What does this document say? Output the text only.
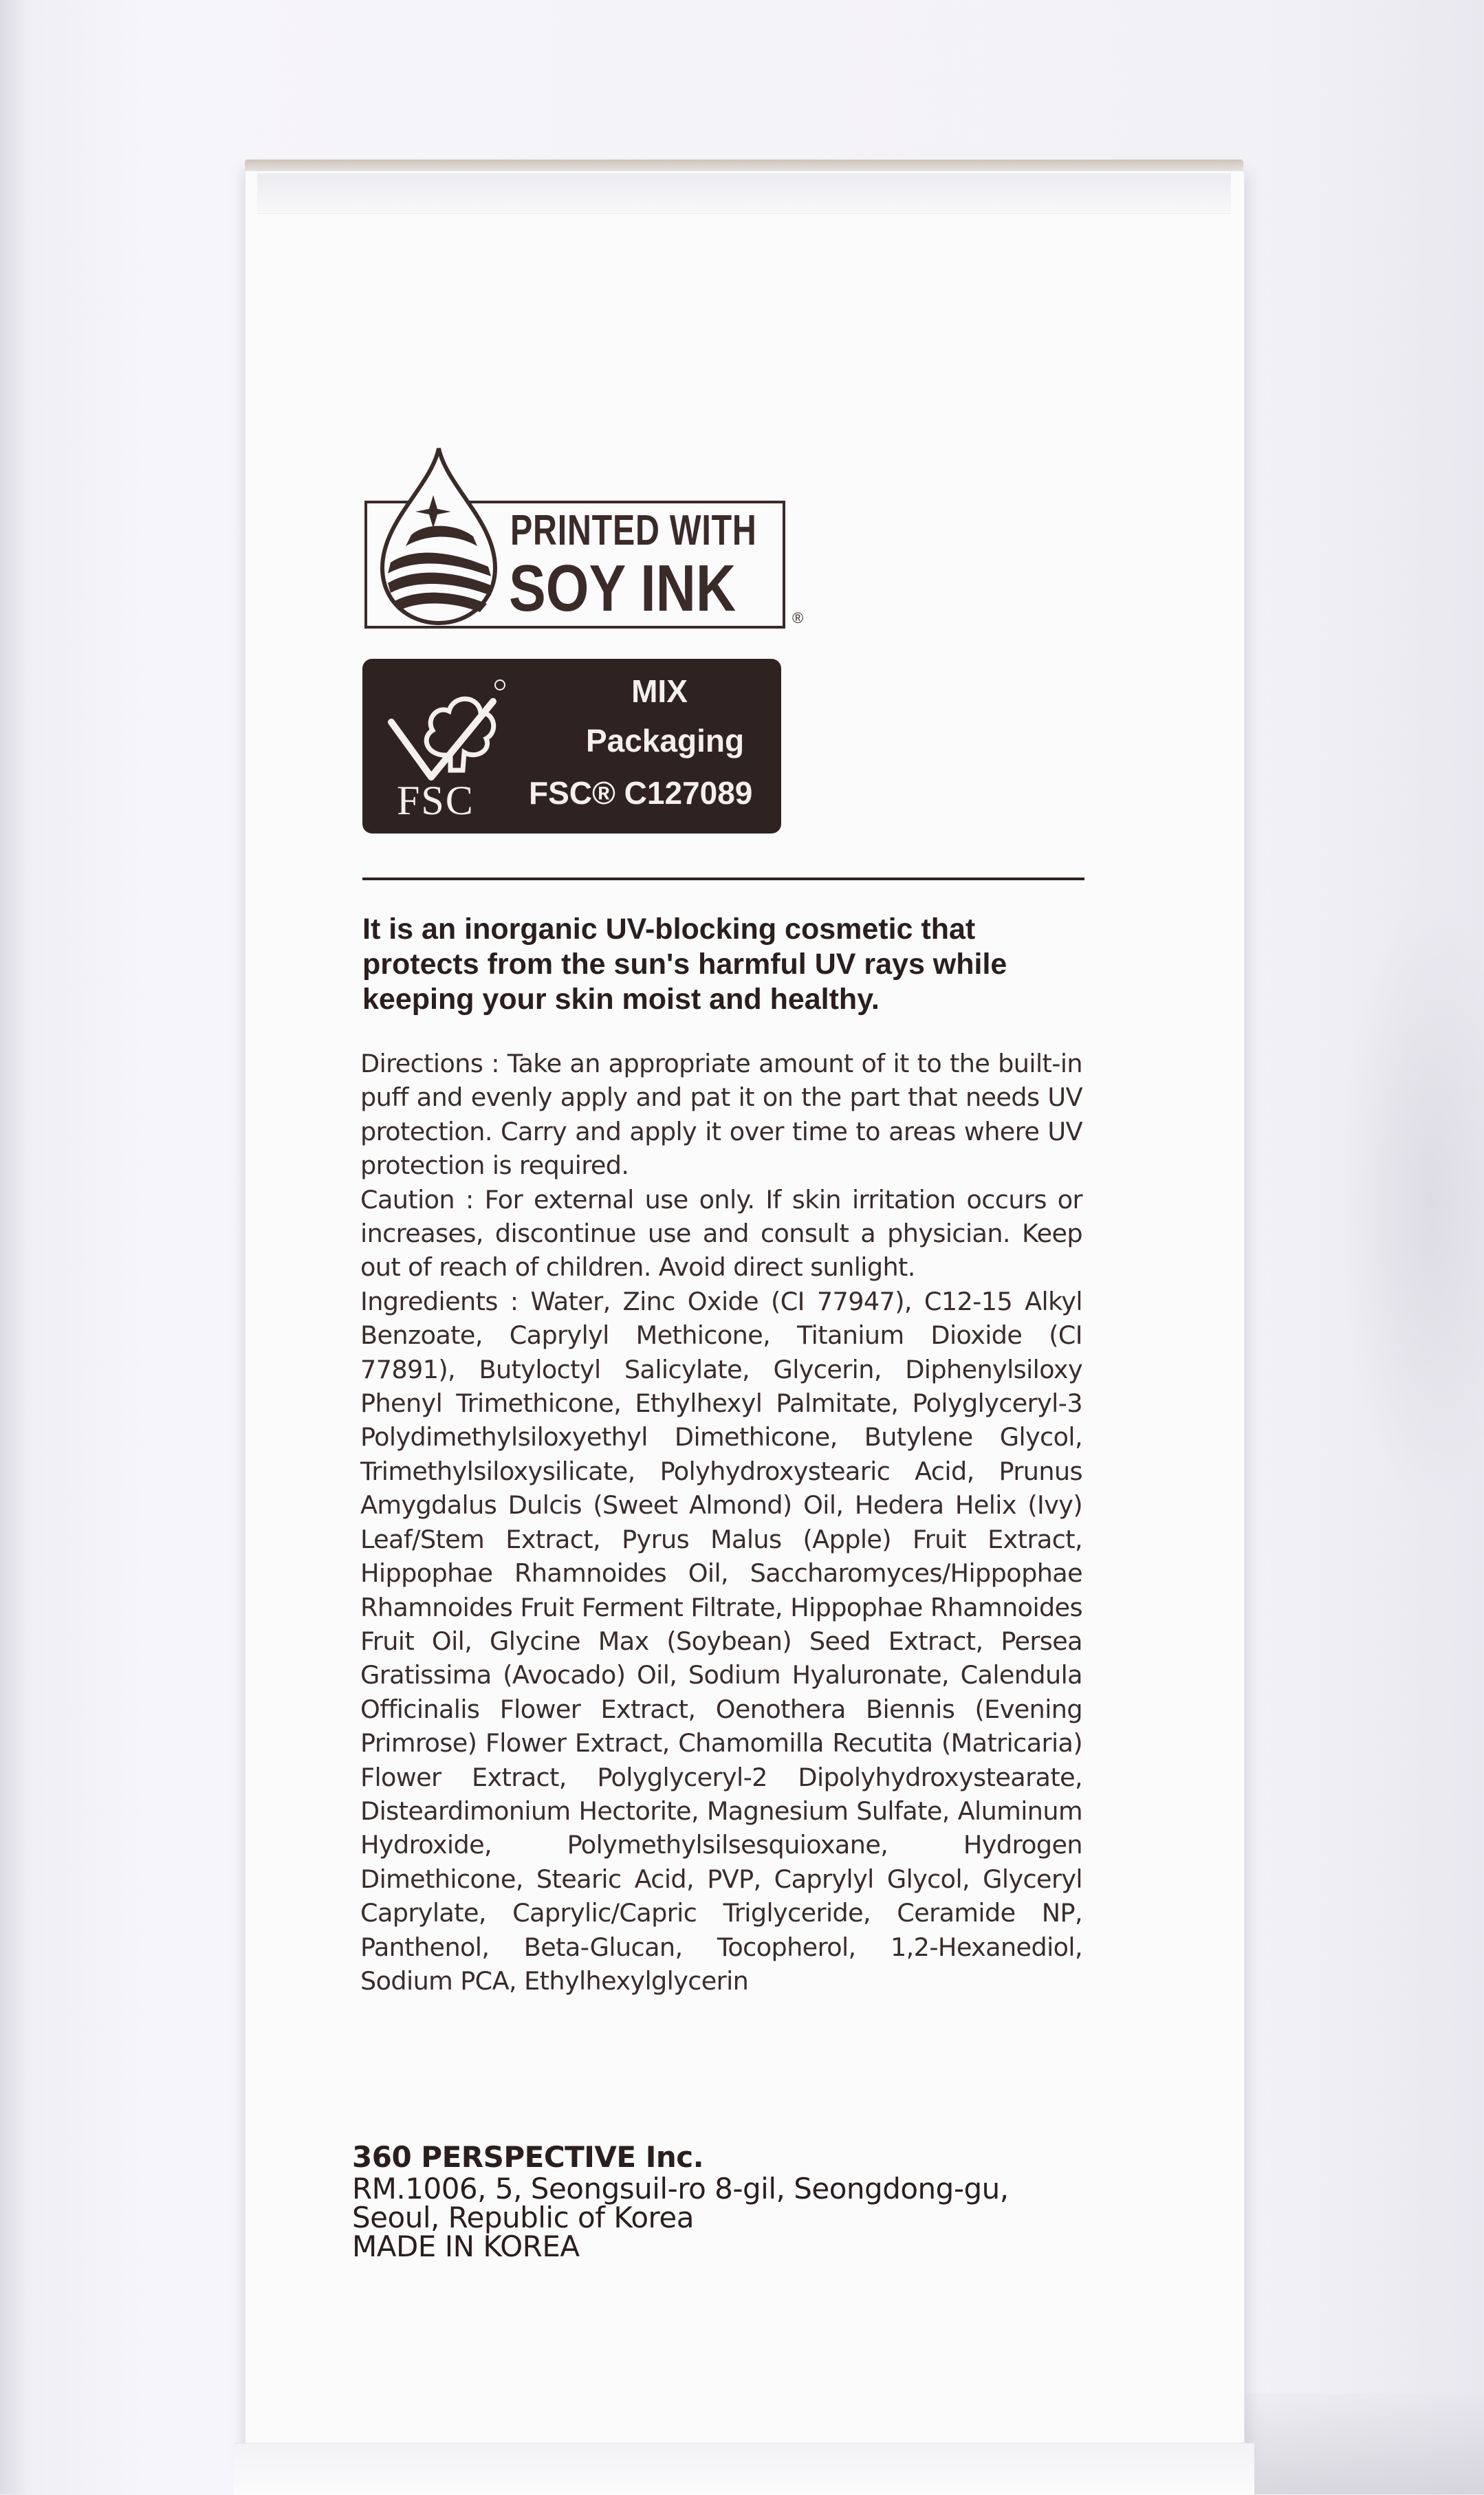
PRINTED WITH
SOY INK	®
FSC
MIX
Packaging
FSC® C127089
It is an inorganic UV-blocking cosmetic that protects from the sun's harmful UV rays while keeping your skin moist and healthy.

Directions : Take an appropriate amount of it to the built-in puff and evenly apply and pat it on the part that needs UV protection. Carry and apply it over time to areas where UV protection is required.

Caution : For external use only. If skin irritation occurs or increases, discontinue use and consult a physician. Keep out of reach of children. Avoid direct sunlight.

Ingredients : Water, Zinc Oxide (CI 77947), C12-15 Alkyl Benzoate, Caprylyl Methicone, Titanium Dioxide (CI 77891), Butyloctyl Salicylate, Glycerin, Diphenylsiloxy Phenyl Trimethicone, Ethylhexyl Palmitate, Polyglyceryl-3 Polydimethylsiloxyethyl Dimethicone, Butylene Glycol, Trimethylsiloxysilicate, Polyhydroxystearic Acid, Prunus Amygdalus Dulcis (Sweet Almond) Oil, Hedera Helix (Ivy) Leaf/Stem Extract, Pyrus Malus (Apple) Fruit Extract, Hippophae Rhamnoides Oil, Saccharomyces/Hippophae Rhamnoides Fruit Ferment Filtrate, Hippophae Rhamnoides Fruit Oil, Glycine Max (Soybean) Seed Extract, Persea Gratissima (Avocado) Oil, Sodium Hyaluronate, Calendula Officinalis Flower Extract, Oenothera Biennis (Evening Primrose) Flower Extract, Chamomilla Recutita (Matricaria) Flower Extract, Polyglyceryl-2 Dipolyhydroxystearate, Disteardimonium Hectorite, Magnesium Sulfate, Aluminum Hydroxide, Polymethylsilsesquioxane, Hydrogen Dimethicone, Stearic Acid, PVP, Caprylyl Glycol, Glyceryl Caprylate, Caprylic/Capric Triglyceride, Ceramide NP, Panthenol, Beta-Glucan, Tocopherol, 1,2-Hexanediol, Sodium PCA, Ethylhexylglycerin

360 PERSPECTIVE Inc.
RM.1006, 5, Seongsuil-ro 8-gil, Seongdong-gu,
Seoul, Republic of Korea
MADE IN KOREA
